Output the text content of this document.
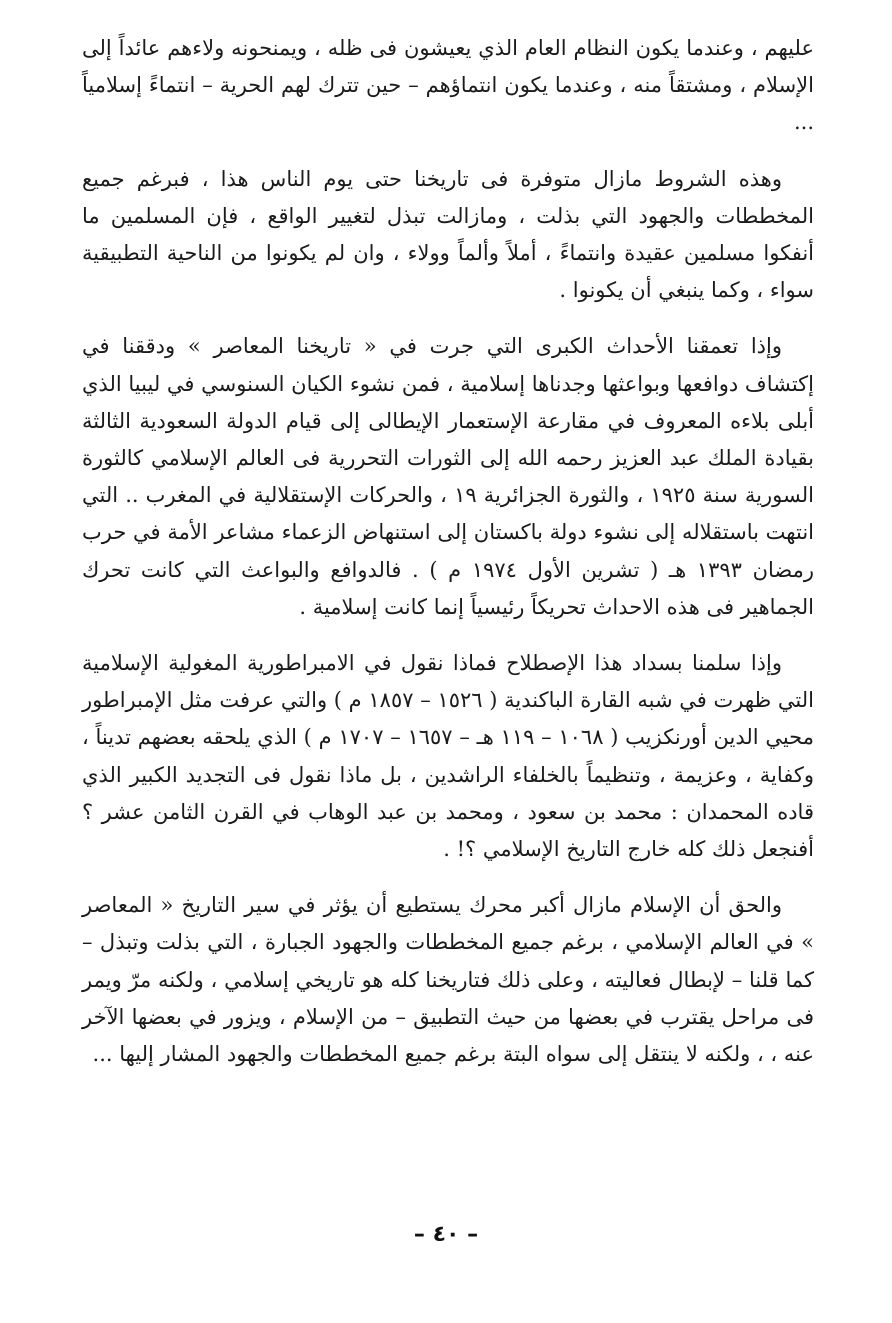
عليهم ، وعندما يكون النظام العام الذي يعيشون فى ظله ، ويمنحونه ولاءهم عائداً إلى الإسلام ، ومشتقاً منه ، وعندما يكون انتماؤهم – حين تترك لهم الحرية – انتماءً إسلامياً ...

وهذه الشروط مازال متوفرة فى تاريخنا حتى يوم الناس هذا ، فبرغم جميع المخططات والجهود التي بذلت ، ومازالت تبذل لتغيير الواقع ، فإن المسلمين ما أنفكوا مسلمين عقيدة وانتماءً ، أملاً وألماً وولاء ، وان لم يكونوا من الناحية التطبيقية سواء ، وكما ينبغي أن يكونوا .

وإذا تعمقنا الأحداث الكبرى التي جرت في « تاريخنا المعاصر » ودققنا في إكتشاف دوافعها وبواعثها وجدناها إسلامية ، فمن نشوء الكيان السنوسي في ليبيا الذي أبلى بلاءه المعروف في مقارعة الإستعمار الإيطالى إلى قيام الدولة السعودية الثالثة بقيادة الملك عبد العزيز رحمه الله إلى الثورات التحررية فى العالم الإسلامي كالثورة السورية سنة ١٩٢٥ ، والثورة الجزائرية ١٩ ، والحركات الإستقلالية في المغرب .. التي انتهت باستقلاله إلى نشوء دولة باكستان إلى استنهاض الزعماء مشاعر الأمة في حرب رمضان ١٣٩٣ هـ ( تشرين الأول ١٩٧٤ م ) . فالدوافع والبواعث التي كانت تحرك الجماهير فى هذه الاحداث تحريكاً رئيسياً إنما كانت إسلامية .

وإذا سلمنا بسداد هذا الإصطلاح فماذا نقول في الامبراطورية المغولية الإسلامية التي ظهرت في شبه القارة الباكندية ( ١٥٢٦ – ١٨٥٧ م ) والتي عرفت مثل الإمبراطور محيي الدين أورنكزيب ( ١٠٦٨ – ١١٩ هـ – ١٦٥٧ – ١٧٠٧ م ) الذي يلحقه بعضهم تديناً ، وكفاية ، وعزيمة ، وتنظيماً بالخلفاء الراشدين ، بل ماذا نقول فى التجديد الكبير الذي قاده المحمدان : محمد بن سعود ، ومحمد بن عبد الوهاب في القرن الثامن عشر ؟ أفنجعل ذلك كله خارج التاريخ الإسلامي ؟! .

والحق أن الإسلام مازال أكبر محرك يستطيع أن يؤثر في سير التاريخ « المعاصر » في العالم الإسلامي ، برغم جميع المخططات والجهود الجبارة ، التي بذلت وتبذل – كما قلنا – لإبطال فعاليته ، وعلى ذلك فتاريخنا كله هو تاريخي إسلامي ، ولكنه مرّ ويمر فى مراحل يقترب في بعضها من حيث التطبيق – من الإسلام ، ويزور في بعضها الآخر عنه ، ، ولكنه لا ينتقل إلى سواه البتة برغم جميع المخططات والجهود المشار إليها ...

– ٤٠ –
